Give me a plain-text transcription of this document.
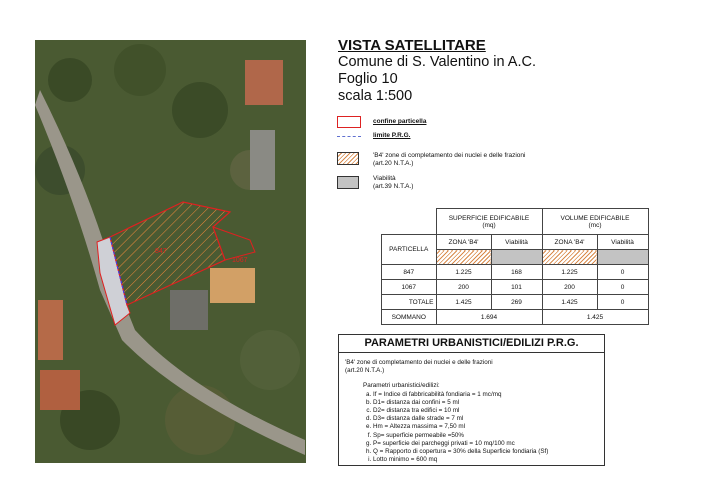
847
1067
VISTA SATELLITARE
Comune di S. Valentino in A.C.
Foglio 10
scala 1:500
confine particella
limite P.R.G.
'B4' zone di completamento dei nuclei e delle frazioni
(art.20 N.T.A.)
Viabilità
(art.39 N.T.A.)
	SUPERFICIE EDIFICABILE
(mq)		VOLUME EDIFICABILE
(mc)	
PARTICELLA	ZONA 'B4'	Viabilità	ZONA 'B4'	Viabilità

847	1.225	168	1.225	0
1067	200	101	200	0
TOTALE	1.425	269	1.425	0
SOMMANO	1.694		1.425	
PARAMETRI URBANISTICI/EDILIZI P.R.G.
'B4' zone di completamento dei nuclei e delle frazioni
(art.20 N.T.A.)
Parametri urbanistici/edilizi:
a. If = Indice di fabbricabilità fondiaria = 1 mc/mq
b. D1= distanza dai confini = 5 ml
c. D2= distanza tra edifici = 10 ml
d. D3= distanza dalle strade = 7 ml
e. Hm = Altezza massima = 7,50 ml
f. Sp= superficie permeabile =50%
g. P= superficie dei parcheggi privati = 10 mq/100 mc
h. Q = Rapporto di copertura = 30% della Superficie fondiaria (Sf)
i. Lotto minimo = 600 mq
